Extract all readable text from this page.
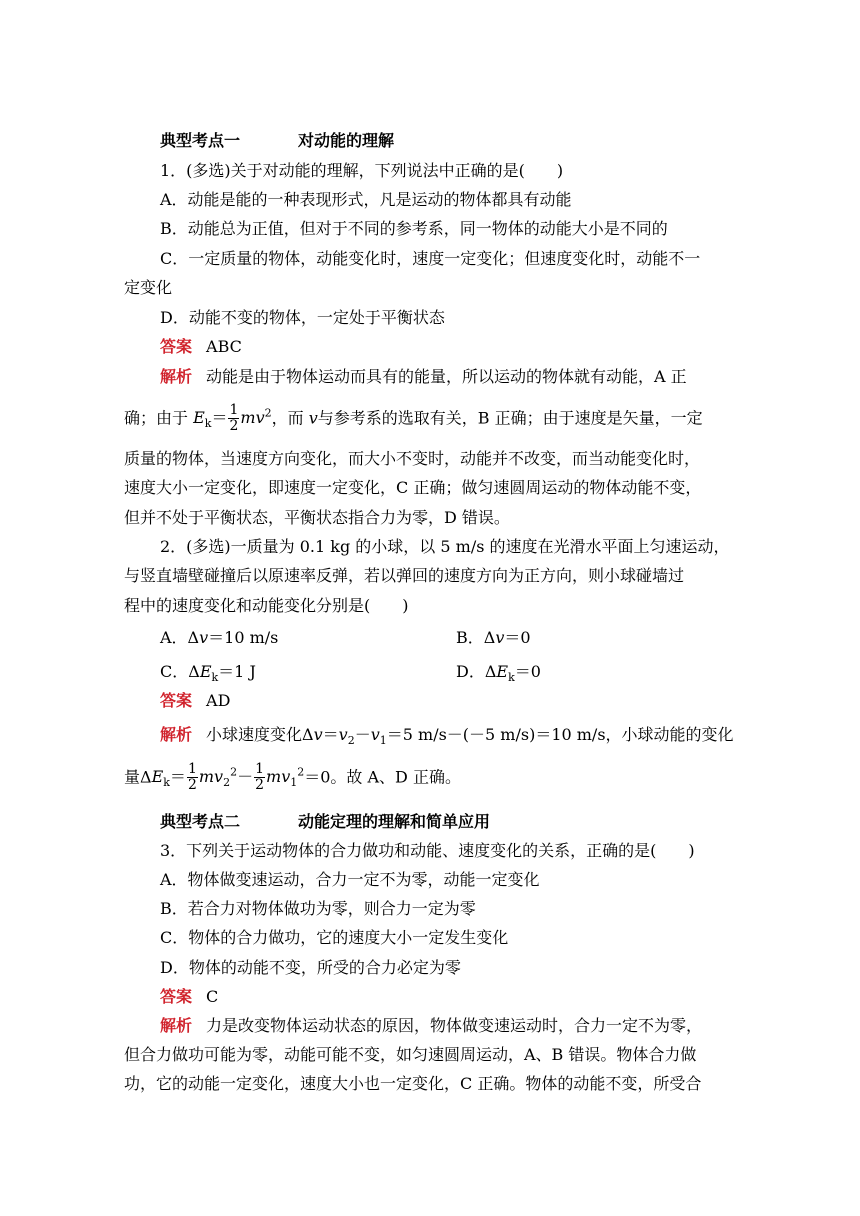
典型考点一	对动能的理解
1．(多选)关于对动能的理解，下列说法中正确的是(　　)
A．动能是能的一种表现形式，凡是运动的物体都具有动能
B．动能总为正值，但对于不同的参考系，同一物体的动能大小是不同的
C．一定质量的物体，动能变化时，速度一定变化；但速度变化时，动能不一
定变化
D．动能不变的物体，一定处于平衡状态
答案 ABC
解析 动能是由于物体运动而具有的能量，所以运动的物体就有动能，A 正
确；由于 $E_k= \frac{1}{2} mv^2$，而 v与参考系的选取有关，B 正确；由于速度是矢量，一定
质量的物体，当速度方向变化，而大小不变时，动能并不改变，而当动能变化时，
速度大小一定变化，即速度一定变化，C 正确；做匀速圆周运动的物体动能不变，
但并不处于平衡状态，平衡状态指合力为零，D 错误。
2．(多选)一质量为 0.1 kg 的小球，以 5 m/s 的速度在光滑水平面上匀速运动，
与竖直墙壁碰撞后以原速率反弹，若以弹回的速度方向为正方向，则小球碰墙过
程中的速度变化和动能变化分别是(　　)
A．Δv＝10 m/s	B．Δv＝0
C．$\Delta E_k=1$ J	D．$\Delta E_k=0$
答案 AD
解析 小球速度变化$\Delta v=v_2-v_1=5$ m/s－(－5 m/s)＝10 m/s，小球动能的变化
量$\Delta E_k= \frac{1}{2} mv_2^2- \frac{1}{2} mv_1^2=0$。故 A、D 正确。
典型考点二	动能定理的理解和简单应用
3．下列关于运动物体的合力做功和动能、速度变化的关系，正确的是(　　)
A．物体做变速运动，合力一定不为零，动能一定变化
B．若合力对物体做功为零，则合力一定为零
C．物体的合力做功，它的速度大小一定发生变化
D．物体的动能不变，所受的合力必定为零
答案 C
解析 力是改变物体运动状态的原因，物体做变速运动时，合力一定不为零，
但合力做功可能为零，动能可能不变，如匀速圆周运动，A、B 错误。物体合力做
功，它的动能一定变化，速度大小也一定变化，C 正确。物体的动能不变，所受合
